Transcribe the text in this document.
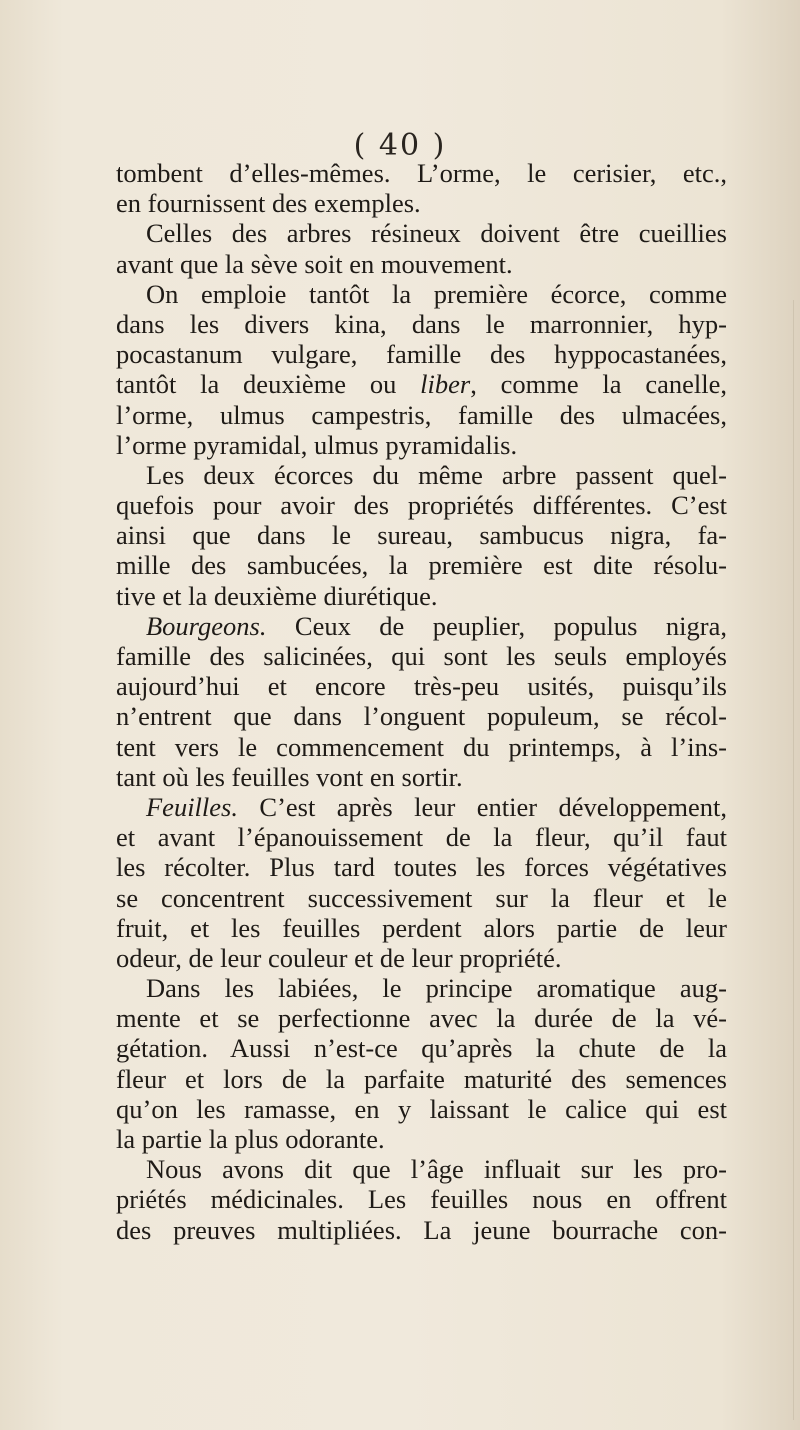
( 40 )
tombent d’elles-mêmes. L’orme, le cerisier, etc.,
en fournissent des exemples.
Celles des arbres résineux doivent être cueillies
avant que la sève soit en mouvement.
On emploie tantôt la première écorce, comme
dans les divers kina, dans le marronnier, hyp-
pocastanum vulgare, famille des hyppocastanées,
tantôt la deuxième ou liber, comme la canelle,
l’orme, ulmus campestris, famille des ulmacées,
l’orme pyramidal, ulmus pyramidalis.
Les deux écorces du même arbre passent quel-
quefois pour avoir des propriétés différentes. C’est
ainsi que dans le sureau, sambucus nigra, fa-
mille des sambucées, la première est dite résolu-
tive et la deuxième diurétique.
Bourgeons. Ceux de peuplier, populus nigra,
famille des salicinées, qui sont les seuls employés
aujourd’hui et encore très-peu usités, puisqu’ils
n’entrent que dans l’onguent populeum, se récol-
tent vers le commencement du printemps, à l’ins-
tant où les feuilles vont en sortir.
Feuilles. C’est après leur entier développement,
et avant l’épanouissement de la fleur, qu’il faut
les récolter. Plus tard toutes les forces végétatives
se concentrent successivement sur la fleur et le
fruit, et les feuilles perdent alors partie de leur
odeur, de leur couleur et de leur propriété.
Dans les labiées, le principe aromatique aug-
mente et se perfectionne avec la durée de la vé-
gétation. Aussi n’est-ce qu’après la chute de la
fleur et lors de la parfaite maturité des semences
qu’on les ramasse, en y laissant le calice qui est
la partie la plus odorante.
Nous avons dit que l’âge influait sur les pro-
priétés médicinales. Les feuilles nous en offrent
des preuves multipliées. La jeune bourrache con-
